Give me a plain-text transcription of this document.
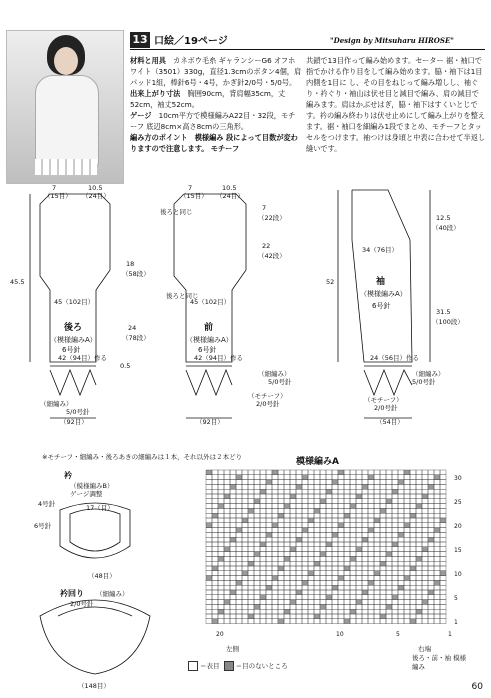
13 口絵／19ページ	"Design by Mitsuharu HIROSE"
材料と用具　 カネボウ毛糸 ギャランシーG6 オフホワイト（3501）330g，直径1.3cmのボタン4個，肩パッド1組，棒針6号・4号，かぎ針2/0号・5/0号。
出来上がり寸法　 胸囲90cm，背肩幅35cm，丈52cm，袖丈52cm。
ゲージ　 10cm平方で模様編みA22目・32段，モチーフ 底辺8cm×高さ8cmの三角形。
編み方のポイント　 模様編み 段によって目数が変わりますので注意します。 モチーフ
共鎖で13目作って編み始めます。セーター 裾・袖口で指でかける作り目をして編み始めます。脇・袖下は1目内側を1目に し、その目をねじって編み増しし、袖ぐり・衿ぐり・袖山は伏せ目と減目で編み、肩の減目で編みます。肩はかぶせはぎ，脇・袖下はすくいとじです。衿の編み終わりは伏せ止めにして編み上がりを整えます。裾・袖口を細編み1段でまとめ、モチーフとタッセルをつけます。袖つけは身頃と中表に合わせて半返し縫いです。
7
（15目）
10.5
（24目）
7
（15目）
10.5
（24目）
後ろと同じ
後ろと同じ
45（102目）	45（102目）
45.5
18
（58段）
24
（78段）
0.5
22
（42段）
7
（22段）
後ろ	前
袖
（模様編みA）	（模様編みA）
（模様編みA）
6号針	6号針
6号針
42（94目）作る	42（94目）作る	24（56目）作る
（92目）	（92目）	（54目）
34（76目）
52
31.5
（100段）
12.5
（40段）
（細編み）
5/0号針
（細編み）
5/0号針
（モチーフ）
2/0号針
（細編み）
5/0号針
（モチーフ）
2/0号針
※モチーフ・細編み・後ろあきの細編みは１本，それ以外は２本どり
衿
衿回り
（模様編みB）
ゲージ調整
4号針
6号針
17（目）
（48目）
（細編み）
2/0号針
（148目）
模様編みA
20	10	5	1
30
25
20
15
10
5
1
左側	右端
後ろ・前・袖 模様編み
＝表目 ＝目のないところ
60
